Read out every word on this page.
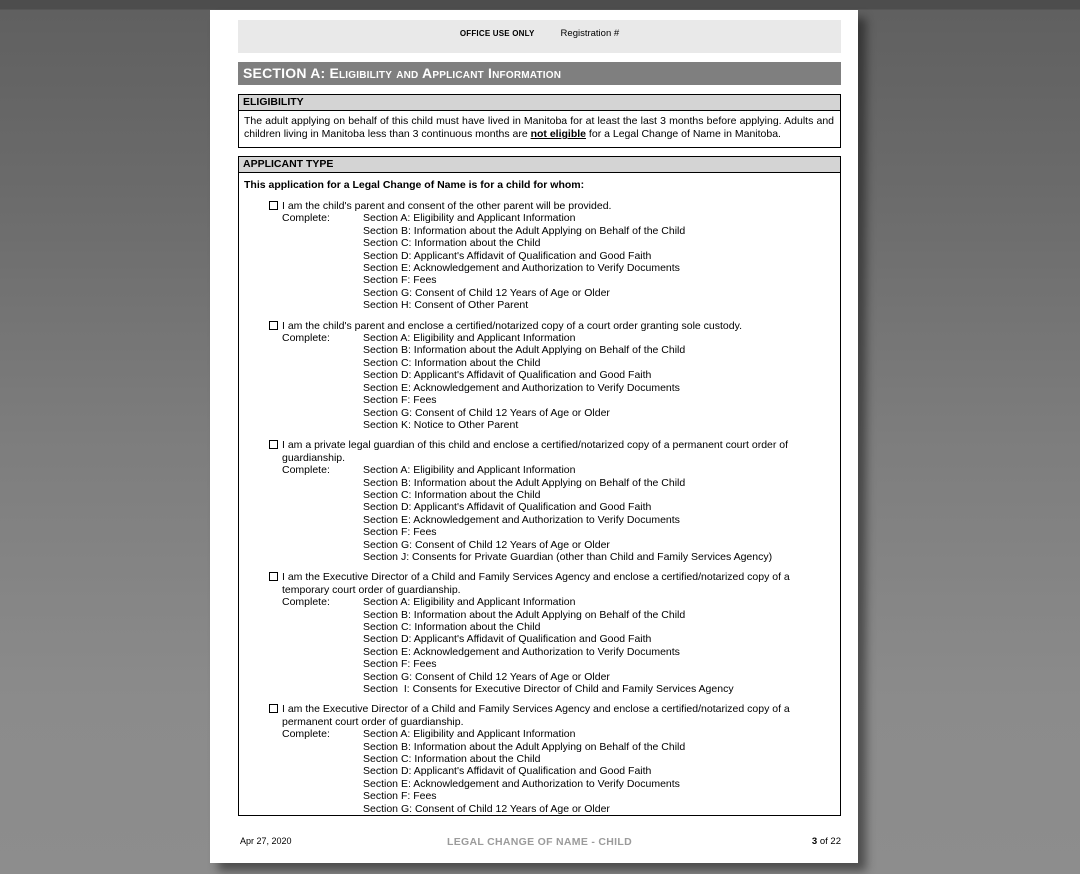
OFFICE USE ONLY	Registration #
SECTION A: Eligibility and Applicant Information
ELIGIBILITY
The adult applying on behalf of this child must have lived in Manitoba for at least the last 3 months before applying. Adults and children living in Manitoba less than 3 continuous months are not eligible for a Legal Change of Name in Manitoba.
APPLICANT TYPE
This application for a Legal Change of Name is for a child for whom:
I am the child's parent and consent of the other parent will be provided.
Complete:	Section A: Eligibility and Applicant Information
Section B: Information about the Adult Applying on Behalf of the Child
Section C: Information about the Child
Section D: Applicant's Affidavit of Qualification and Good Faith
Section E: Acknowledgement and Authorization to Verify Documents
Section F: Fees
Section G: Consent of Child 12 Years of Age or Older
Section H: Consent of Other Parent
I am the child's parent and enclose a certified/notarized copy of a court order granting sole custody.
Complete:	Section A: Eligibility and Applicant Information
Section B: Information about the Adult Applying on Behalf of the Child
Section C: Information about the Child
Section D: Applicant's Affidavit of Qualification and Good Faith
Section E: Acknowledgement and Authorization to Verify Documents
Section F: Fees
Section G: Consent of Child 12 Years of Age or Older
Section K: Notice to Other Parent
I am a private legal guardian of this child and enclose a certified/notarized copy of a permanent court order of guardianship.
Complete:	Section A: Eligibility and Applicant Information
Section B: Information about the Adult Applying on Behalf of the Child
Section C: Information about the Child
Section D: Applicant's Affidavit of Qualification and Good Faith
Section E: Acknowledgement and Authorization to Verify Documents
Section F: Fees
Section G: Consent of Child 12 Years of Age or Older
Section J: Consents for Private Guardian (other than Child and Family Services Agency)
I am the Executive Director of a Child and Family Services Agency and enclose a certified/notarized copy of a temporary court order of guardianship.
Complete:	Section A: Eligibility and Applicant Information
Section B: Information about the Adult Applying on Behalf of the Child
Section C: Information about the Child
Section D: Applicant's Affidavit of Qualification and Good Faith
Section E: Acknowledgement and Authorization to Verify Documents
Section F: Fees
Section G: Consent of Child 12 Years of Age or Older
Section  I: Consents for Executive Director of Child and Family Services Agency
I am the Executive Director of a Child and Family Services Agency and enclose a certified/notarized copy of a permanent court order of guardianship.
Complete:	Section A: Eligibility and Applicant Information
Section B: Information about the Adult Applying on Behalf of the Child
Section C: Information about the Child
Section D: Applicant's Affidavit of Qualification and Good Faith
Section E: Acknowledgement and Authorization to Verify Documents
Section F: Fees
Section G: Consent of Child 12 Years of Age or Older
Apr 27, 2020	LEGAL CHANGE OF NAME - CHILD	3 of 22
